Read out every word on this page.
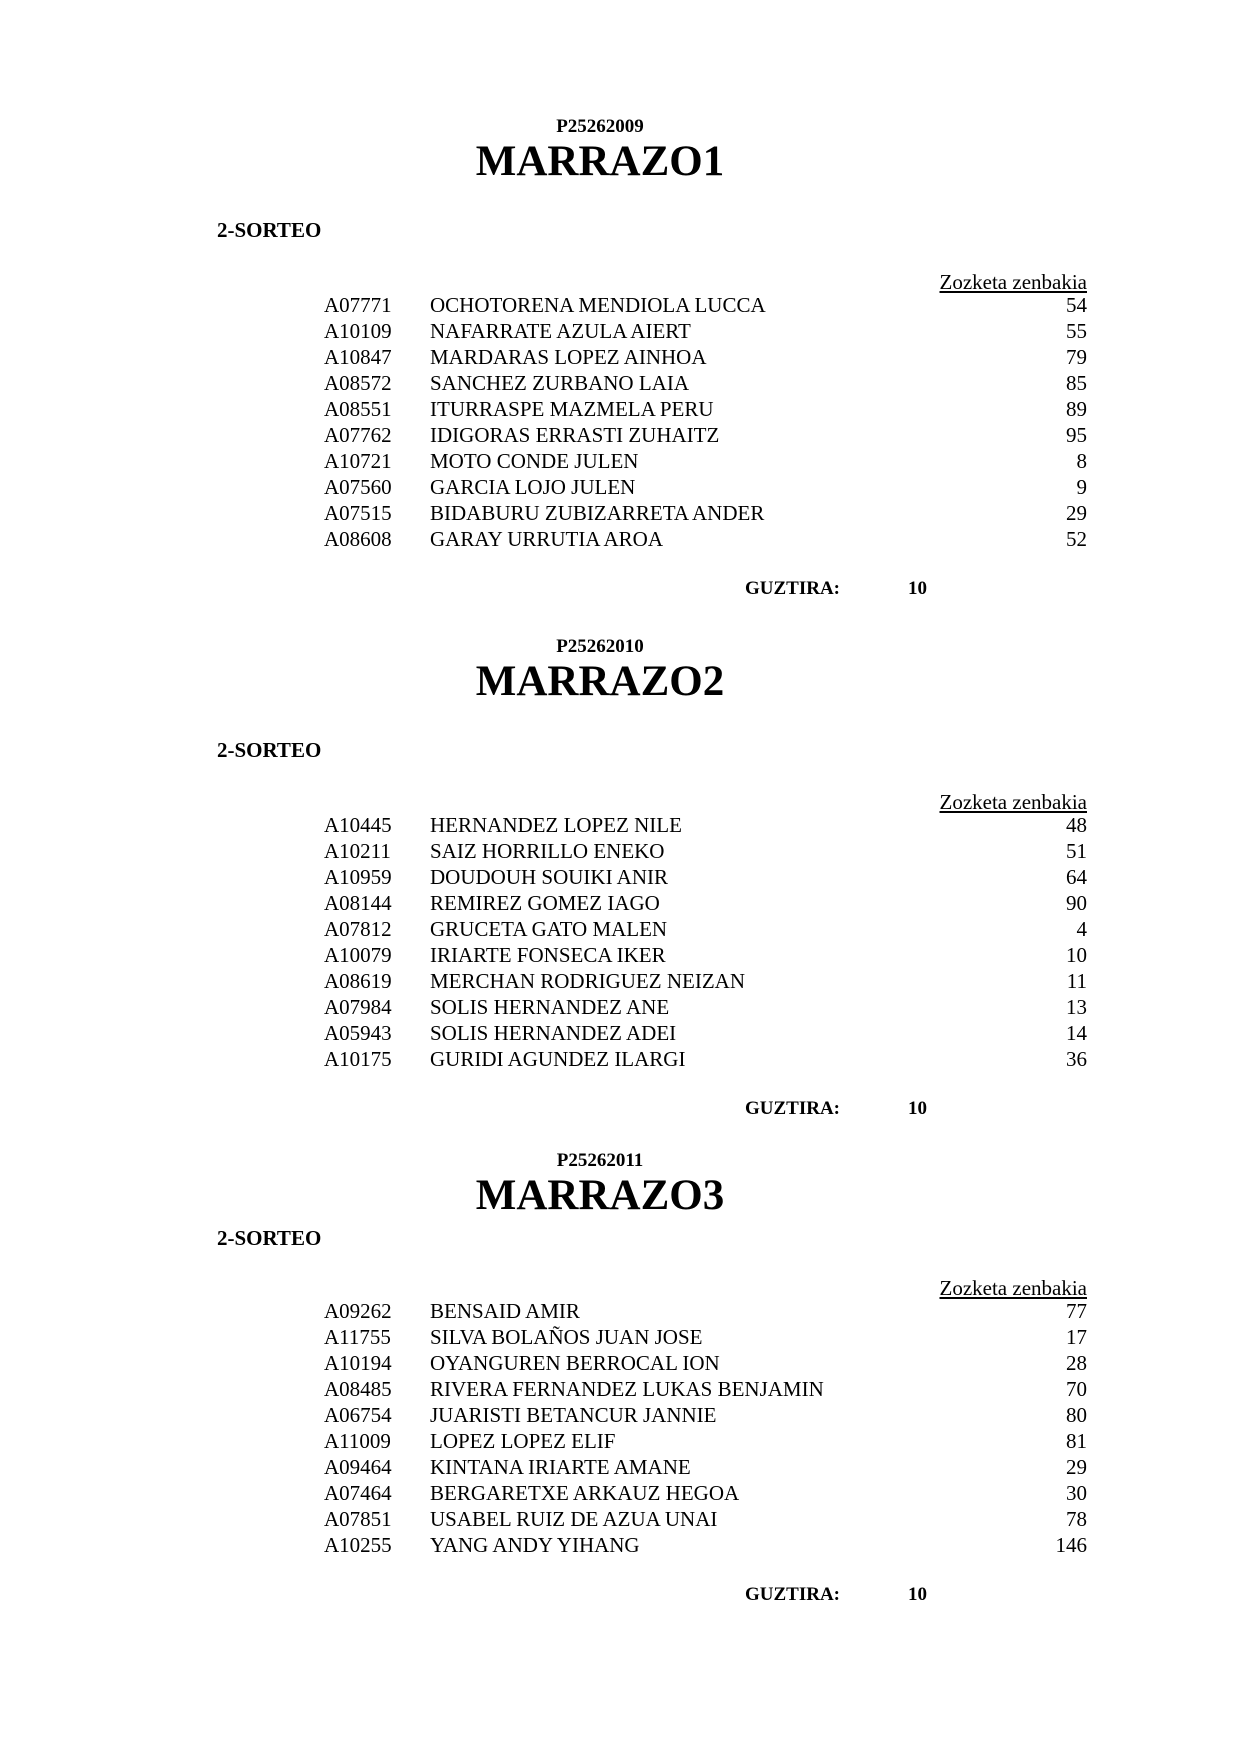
P25262009
MARRAZO1
2-SORTEO
Zozketa zenbakia
A07771 OCHOTORENA MENDIOLA LUCCA	54
A10109 NAFARRATE AZULA AIERT	55
A10847 MARDARAS LOPEZ AINHOA	79
A08572 SANCHEZ ZURBANO LAIA	85
A08551 ITURRASPE MAZMELA PERU	89
A07762 IDIGORAS ERRASTI ZUHAITZ	95
A10721 MOTO CONDE JULEN	8
A07560 GARCIA LOJO JULEN	9
A07515 BIDABURU ZUBIZARRETA ANDER	29
A08608 GARAY URRUTIA AROA	52
GUZTIRA:	10
P25262010
MARRAZO2
2-SORTEO
Zozketa zenbakia
A10445 HERNANDEZ LOPEZ NILE	48
A10211 SAIZ HORRILLO ENEKO	51
A10959 DOUDOUH SOUIKI ANIR	64
A08144 REMIREZ GOMEZ IAGO	90
A07812 GRUCETA GATO MALEN	4
A10079 IRIARTE FONSECA IKER	10
A08619 MERCHAN RODRIGUEZ NEIZAN	11
A07984 SOLIS HERNANDEZ ANE	13
A05943 SOLIS HERNANDEZ ADEI	14
A10175 GURIDI AGUNDEZ ILARGI	36
GUZTIRA:	10
P25262011
MARRAZO3
2-SORTEO
Zozketa zenbakia
A09262 BENSAID AMIR	77
A11755 SILVA BOLAÑOS JUAN JOSE	17
A10194 OYANGUREN BERROCAL ION	28
A08485 RIVERA FERNANDEZ LUKAS BENJAMIN	70
A06754 JUARISTI BETANCUR JANNIE	80
A11009 LOPEZ LOPEZ ELIF	81
A09464 KINTANA IRIARTE AMANE	29
A07464 BERGARETXE ARKAUZ HEGOA	30
A07851 USABEL RUIZ DE AZUA UNAI	78
A10255 YANG ANDY YIHANG	146
GUZTIRA:	10
